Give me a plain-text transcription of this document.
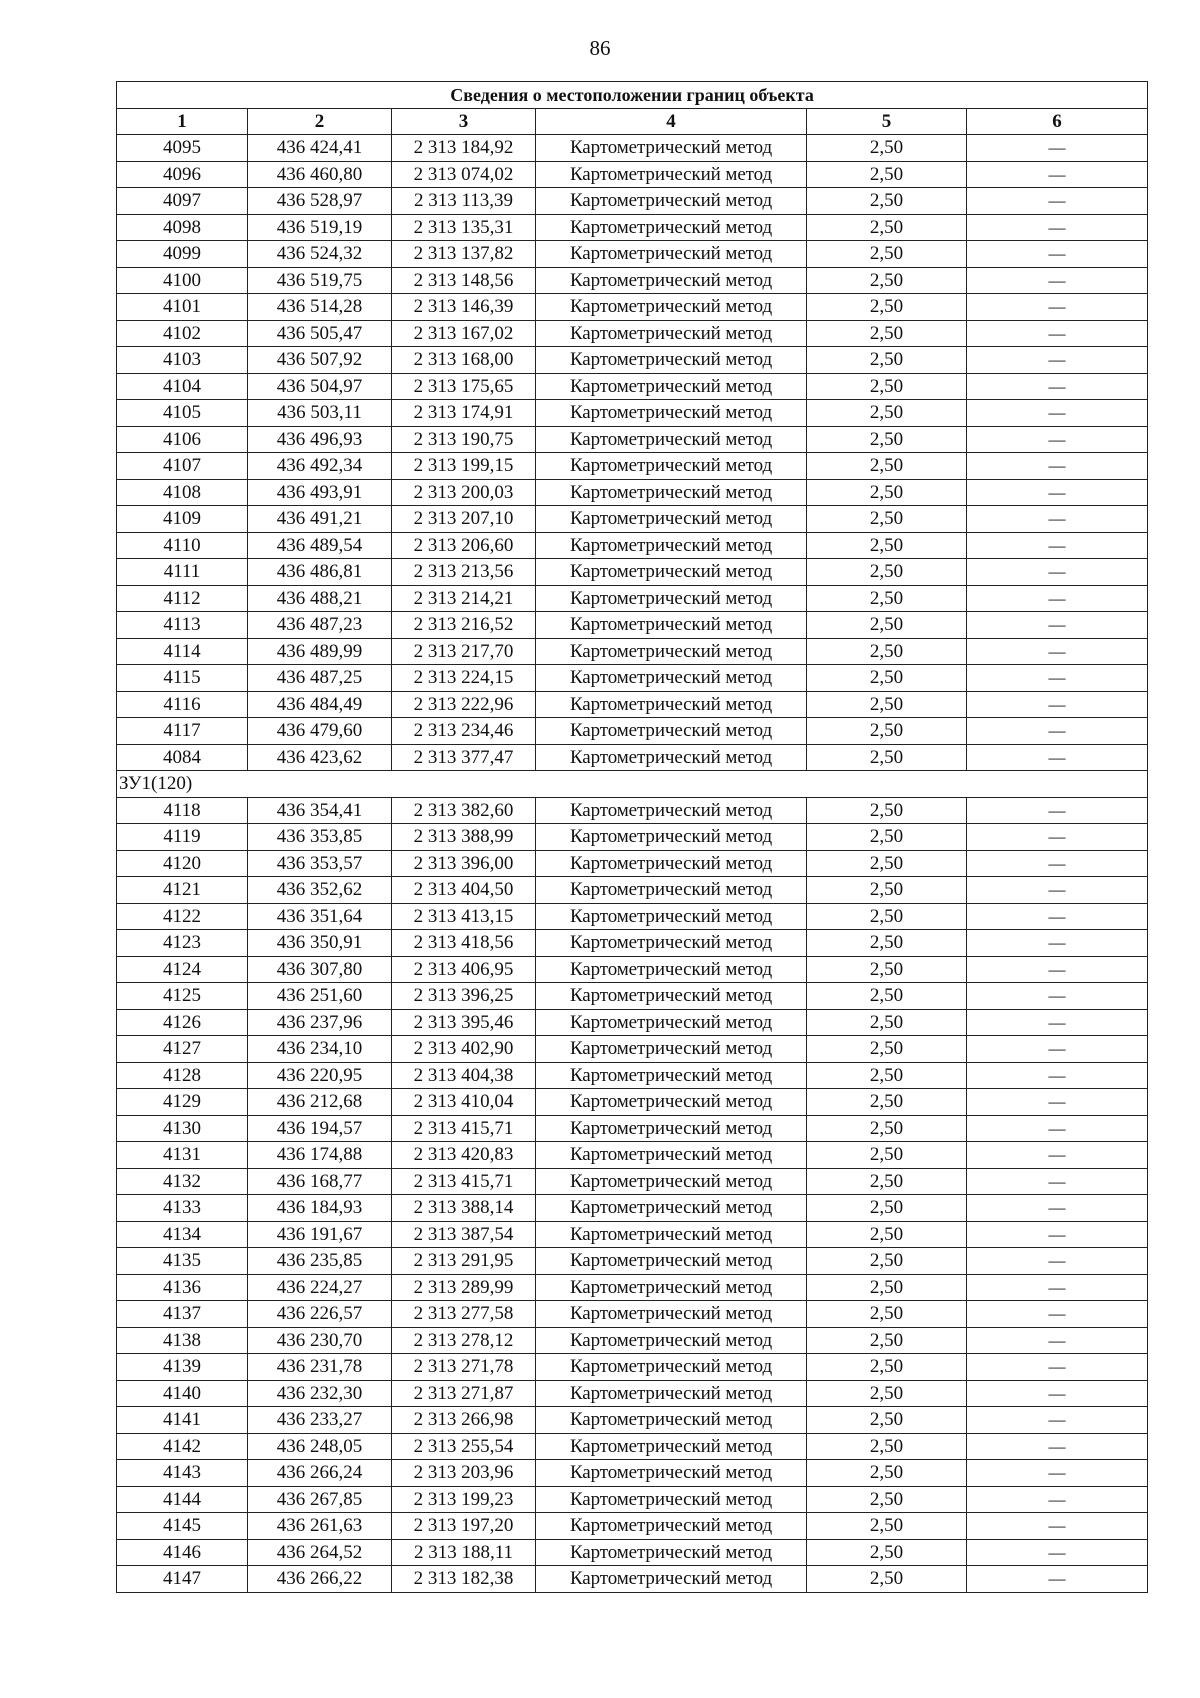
86
Сведения о местоположении границ объекта					
1	2	3	4	5	6
4095	436 424,41	2 313 184,92	Картометрический метод	2,50	—
4096	436 460,80	2 313 074,02	Картометрический метод	2,50	—
4097	436 528,97	2 313 113,39	Картометрический метод	2,50	—
4098	436 519,19	2 313 135,31	Картометрический метод	2,50	—
4099	436 524,32	2 313 137,82	Картометрический метод	2,50	—
4100	436 519,75	2 313 148,56	Картометрический метод	2,50	—
4101	436 514,28	2 313 146,39	Картометрический метод	2,50	—
4102	436 505,47	2 313 167,02	Картометрический метод	2,50	—
4103	436 507,92	2 313 168,00	Картометрический метод	2,50	—
4104	436 504,97	2 313 175,65	Картометрический метод	2,50	—
4105	436 503,11	2 313 174,91	Картометрический метод	2,50	—
4106	436 496,93	2 313 190,75	Картометрический метод	2,50	—
4107	436 492,34	2 313 199,15	Картометрический метод	2,50	—
4108	436 493,91	2 313 200,03	Картометрический метод	2,50	—
4109	436 491,21	2 313 207,10	Картометрический метод	2,50	—
4110	436 489,54	2 313 206,60	Картометрический метод	2,50	—
4111	436 486,81	2 313 213,56	Картометрический метод	2,50	—
4112	436 488,21	2 313 214,21	Картометрический метод	2,50	—
4113	436 487,23	2 313 216,52	Картометрический метод	2,50	—
4114	436 489,99	2 313 217,70	Картометрический метод	2,50	—
4115	436 487,25	2 313 224,15	Картометрический метод	2,50	—
4116	436 484,49	2 313 222,96	Картометрический метод	2,50	—
4117	436 479,60	2 313 234,46	Картометрический метод	2,50	—
4084	436 423,62	2 313 377,47	Картометрический метод	2,50	—
ЗУ1(120)					
4118	436 354,41	2 313 382,60	Картометрический метод	2,50	—
4119	436 353,85	2 313 388,99	Картометрический метод	2,50	—
4120	436 353,57	2 313 396,00	Картометрический метод	2,50	—
4121	436 352,62	2 313 404,50	Картометрический метод	2,50	—
4122	436 351,64	2 313 413,15	Картометрический метод	2,50	—
4123	436 350,91	2 313 418,56	Картометрический метод	2,50	—
4124	436 307,80	2 313 406,95	Картометрический метод	2,50	—
4125	436 251,60	2 313 396,25	Картометрический метод	2,50	—
4126	436 237,96	2 313 395,46	Картометрический метод	2,50	—
4127	436 234,10	2 313 402,90	Картометрический метод	2,50	—
4128	436 220,95	2 313 404,38	Картометрический метод	2,50	—
4129	436 212,68	2 313 410,04	Картометрический метод	2,50	—
4130	436 194,57	2 313 415,71	Картометрический метод	2,50	—
4131	436 174,88	2 313 420,83	Картометрический метод	2,50	—
4132	436 168,77	2 313 415,71	Картометрический метод	2,50	—
4133	436 184,93	2 313 388,14	Картометрический метод	2,50	—
4134	436 191,67	2 313 387,54	Картометрический метод	2,50	—
4135	436 235,85	2 313 291,95	Картометрический метод	2,50	—
4136	436 224,27	2 313 289,99	Картометрический метод	2,50	—
4137	436 226,57	2 313 277,58	Картометрический метод	2,50	—
4138	436 230,70	2 313 278,12	Картометрический метод	2,50	—
4139	436 231,78	2 313 271,78	Картометрический метод	2,50	—
4140	436 232,30	2 313 271,87	Картометрический метод	2,50	—
4141	436 233,27	2 313 266,98	Картометрический метод	2,50	—
4142	436 248,05	2 313 255,54	Картометрический метод	2,50	—
4143	436 266,24	2 313 203,96	Картометрический метод	2,50	—
4144	436 267,85	2 313 199,23	Картометрический метод	2,50	—
4145	436 261,63	2 313 197,20	Картометрический метод	2,50	—
4146	436 264,52	2 313 188,11	Картометрический метод	2,50	—
4147	436 266,22	2 313 182,38	Картометрический метод	2,50	—
